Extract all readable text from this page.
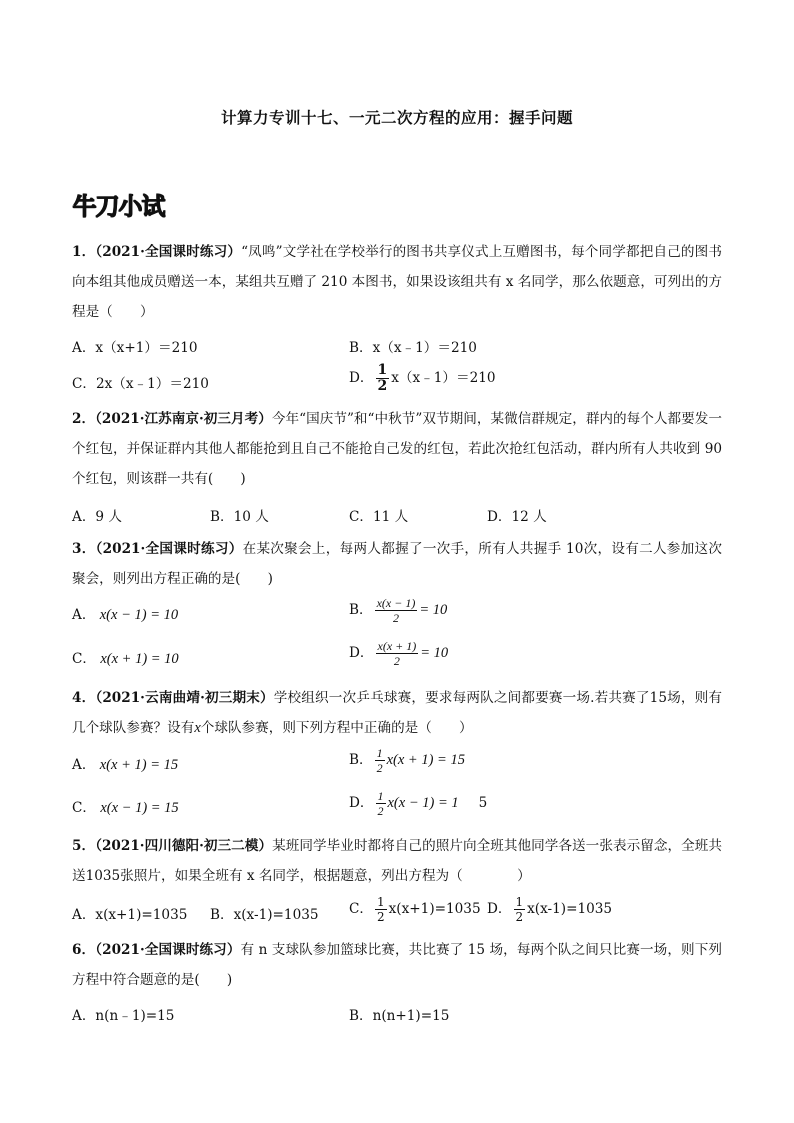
计算力专训十七、一元二次方程的应用：握手问题
牛刀小试
1．（2021·全国课时练习）“凤鸣”文学社在学校举行的图书共享仪式上互赠图书，每个同学都把自己的图书向本组其他成员赠送一本，某组共互赠了 210 本图书，如果设该组共有 x 名同学，那么依题意，可列出的方程是（　　）
A．x（x+1）＝210	B．x（x﹣1）＝210
C．2x（x﹣1）＝210	D． $\frac{1}{2}$ x（x﹣1）＝210
2．（2021·江苏南京·初三月考）今年“国庆节”和“中秋节”双节期间，某微信群规定，群内的每个人都要发一个红包，并保证群内其他人都能抢到且自己不能抢自己发的红包，若此次抢红包活动，群内所有人共收到 90 个红包，则该群一共有(　　)
A．9 人	B．10 人	C．11 人	D．12 人
3．（2021·全国课时练习）在某次聚会上，每两人都握了一次手，所有人共握手 10次，设有二人参加这次聚会，则列出方程正确的是(　　)
A． x(x − 1) = 10	B． $\frac{x(x - 1)}{2} = 10$
C． x(x + 1) = 10	D． $\frac{x(x + 1)}{2} = 10$
4．（2021·云南曲靖·初三期末）学校组织一次乒乓球赛，要求每两队之间都要赛一场.若共赛了15场，则有几个球队参赛？设有x个球队参赛，则下列方程中正确的是（　　）
A． x(x + 1) = 15	B． $\frac{1}{2} x(x + 1) = 15$
C． x(x − 1) = 15	D． $\frac{1}{2} x(x - 1) = 1$ 5
5．（2021·四川德阳·初三二模）某班同学毕业时都将自己的照片向全班其他同学各送一张表示留念，全班共送1035张照片，如果全班有 x 名同学，根据题意，列出方程为（　　　　）
A．x(x+1)=1035 B．x(x-1)=1035 C． $\frac{1}{2} x(x+1)=1035$ D． $\frac{1}{2} x(x-1)=1035$
6．（2021·全国课时练习）有 n 支球队参加篮球比赛，共比赛了 15 场，每两个队之间只比赛一场，则下列方程中符合题意的是(　　)
A．n(n﹣1)=15	B．n(n+1)=15
